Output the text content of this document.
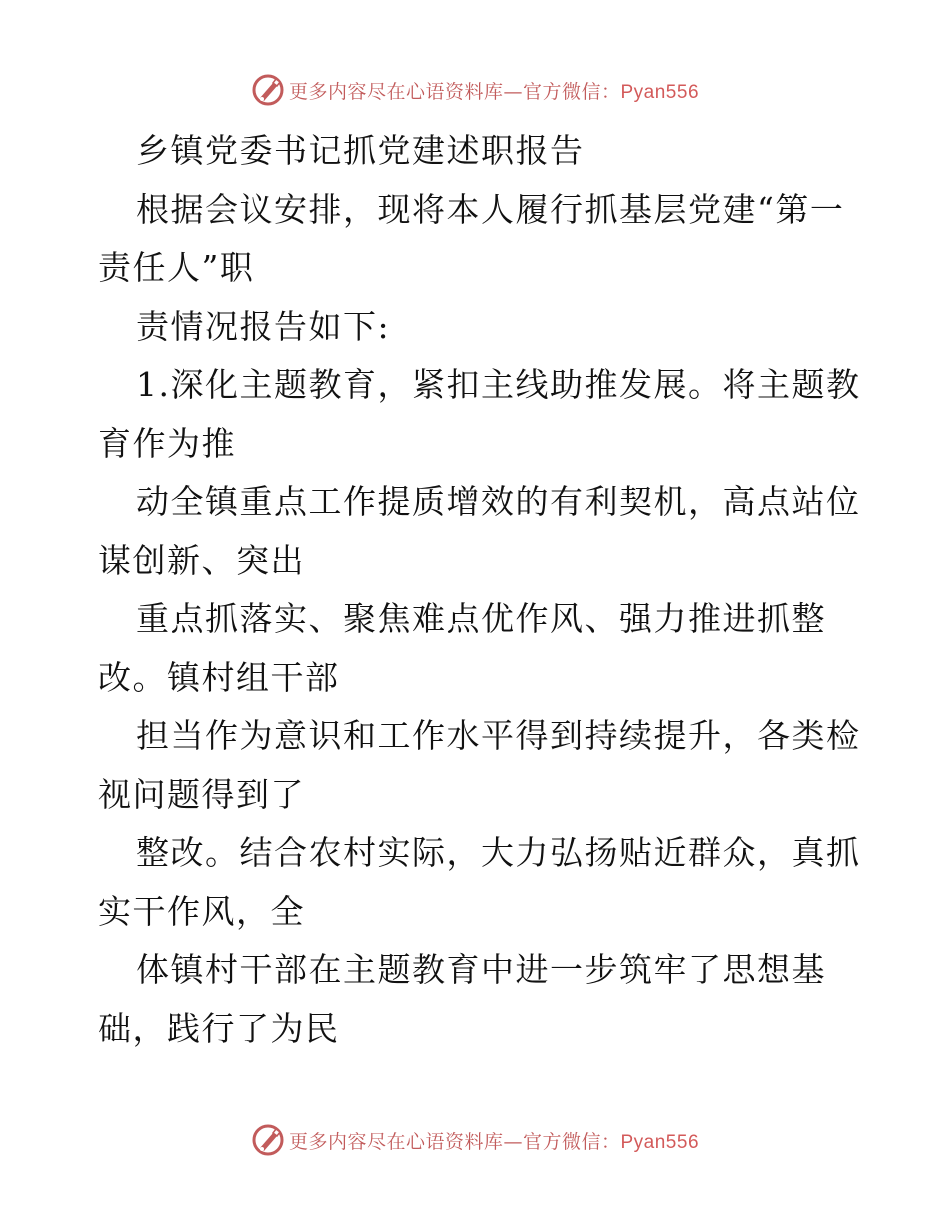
更多内容尽在心语资料库—官方微信：Pyan556
乡镇党委书记抓党建述职报告
根据会议安排，现将本人履行抓基层党建“第一
责任人”职
责情况报告如下:
1.深化主题教育，紧扣主线助推发展。将主题教
育作为推
动全镇重点工作提质增效的有利契机，高点站位
谋创新、突出
重点抓落实、聚焦难点优作风、强力推进抓整
改。镇村组干部
担当作为意识和工作水平得到持续提升，各类检
视问题得到了
整改。结合农村实际，大力弘扬贴近群众，真抓
实干作风，全
体镇村干部在主题教育中进一步筑牢了思想基
础，践行了为民
更多内容尽在心语资料库—官方微信：Pyan556
